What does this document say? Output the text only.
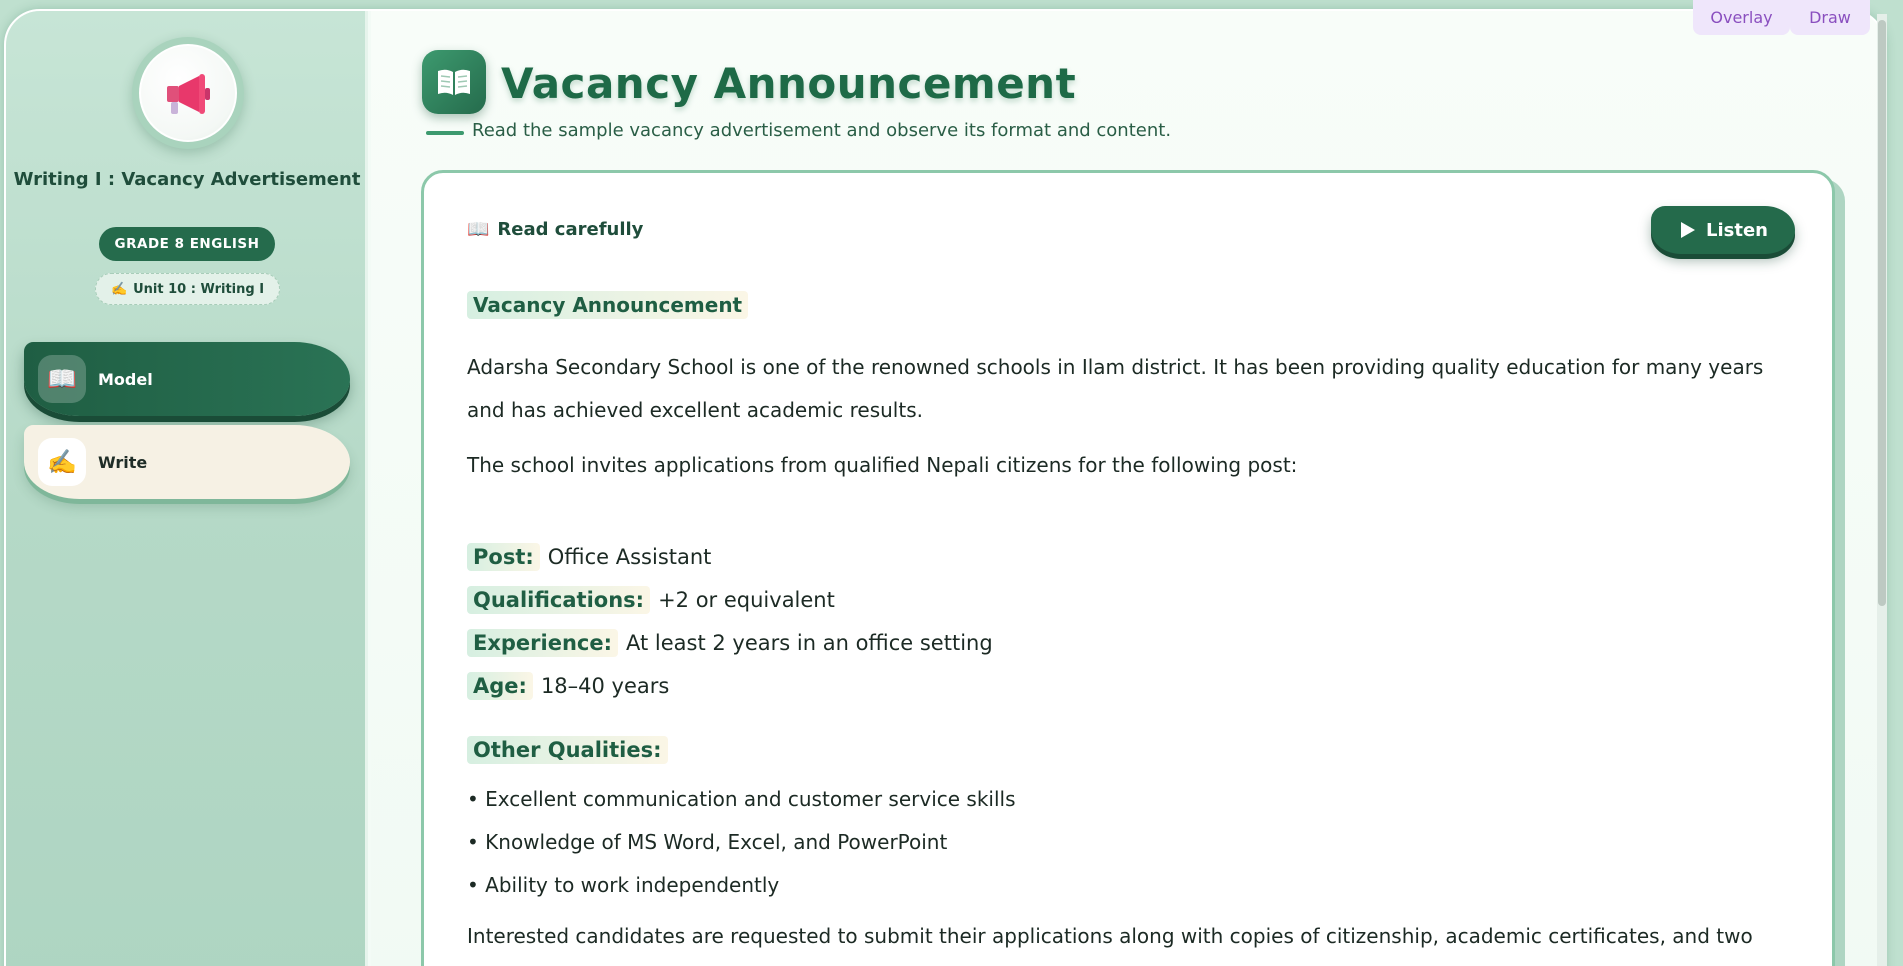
Writing I : Vacancy Advertisement
GRADE 8 ENGLISH
✍️ Unit 10 : Writing I
📖	Model
✍️	Write
Vacancy Announcement

Read the sample vacancy advertisement and observe its format and content.

📖 Read carefully	Listen
Vacancy Announcement

Adarsha Secondary School is one of the renowned schools in Ilam district. It has been providing quality education for many years and has achieved excellent academic results.

The school invites applications from qualified Nepali citizens for the following post:

Post: Office Assistant
Qualifications: +2 or equivalent
Experience: At least 2 years in an office setting
Age: 18–40 years
Other Qualities:

• Excellent communication and customer service skills

• Knowledge of MS Word, Excel, and PowerPoint

• Ability to work independently

Interested candidates are requested to submit their applications along with copies of citizenship, academic certificates, and two

Overlay	Draw
